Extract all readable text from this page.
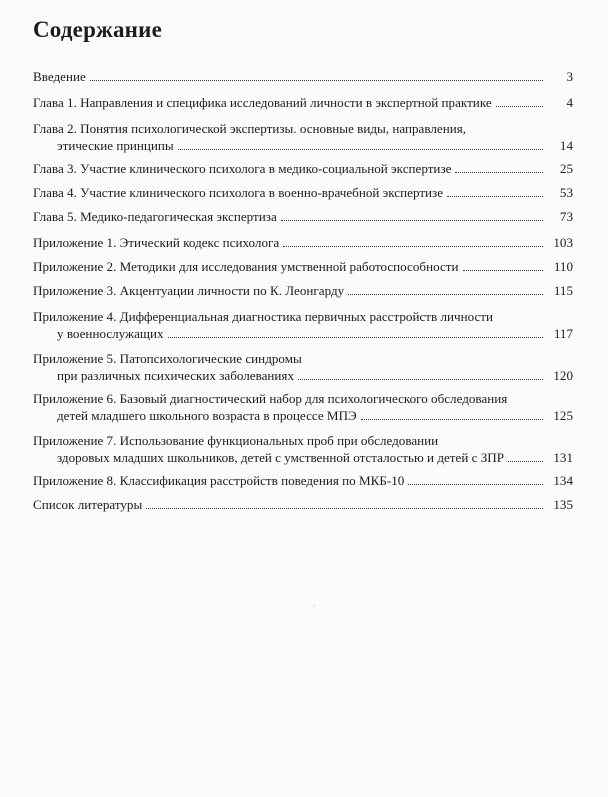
Содержание
Введение	3
Глава 1. Направления и специфика исследований личности в экспертной практике	4
Глава 2. Понятия психологической экспертизы. основные виды, направления,
этические принципы	14
Глава 3. Участие клинического психолога в медико-социальной экспертизе	25
Глава 4. Участие клинического психолога в военно-врачебной экспертизе	53
Глава 5. Медико-педагогическая экспертиза	73
Приложение 1. Этический кодекс психолога	103
Приложение 2. Методики для исследования умственной работоспособности	110
Приложение 3. Акцентуации личности по К. Леонгарду	115
Приложение 4. Дифференциальная диагностика первичных расстройств личности
у военнослужащих	117
Приложение 5. Патопсихологические синдромы
при различных психических заболеваниях	120
Приложение 6. Базовый диагностический набор для психологического обследования
детей младшего школьного возраста в процессе МПЭ	125
Приложение 7. Использование функциональных проб при обследовании
здоровых младших школьников, детей с умственной отсталостью и детей с ЗПР	131
Приложение 8. Классификация расстройств поведения по МКБ-10	134
Список литературы	135
·
